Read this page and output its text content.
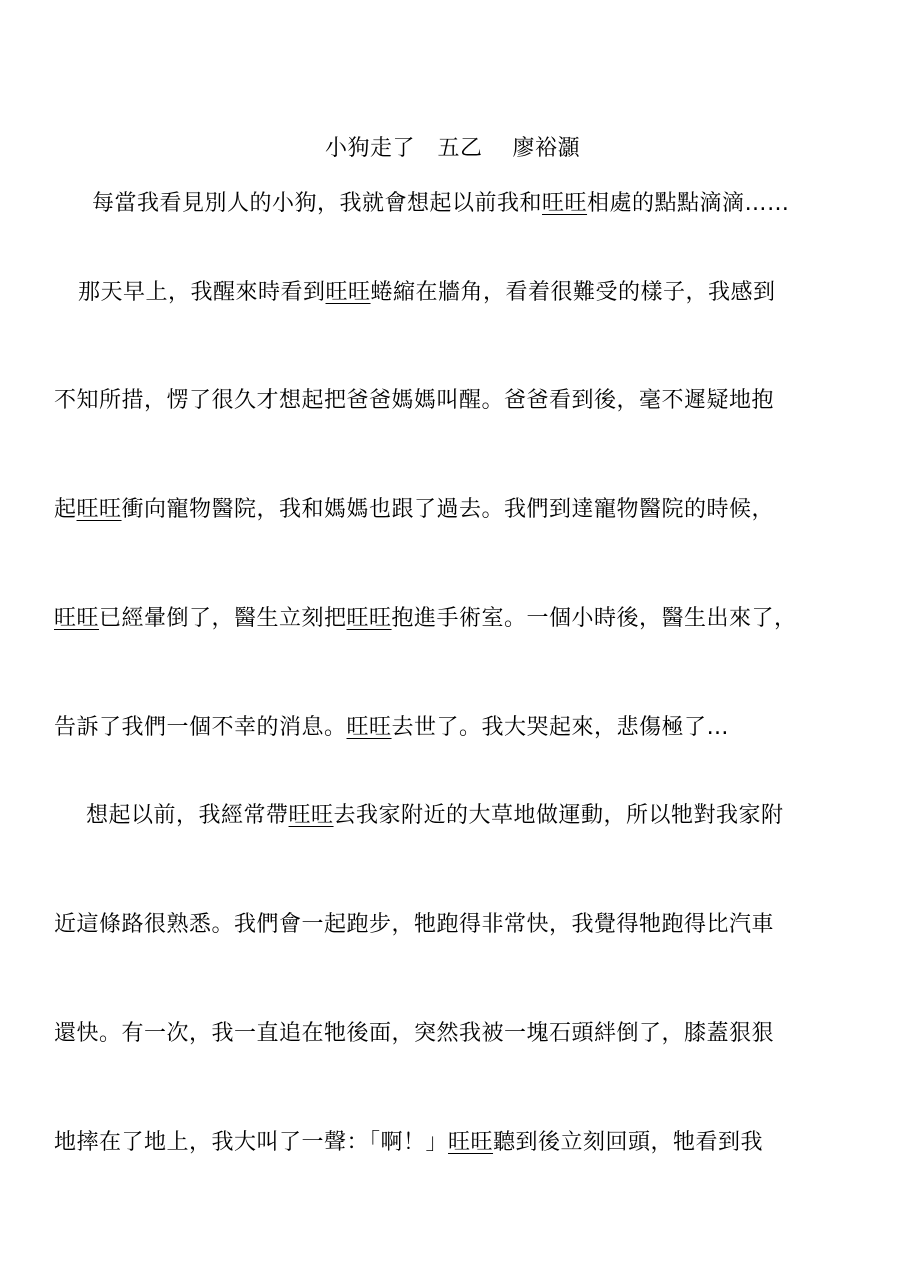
小狗走了　五乙　 廖裕灝
每當我看見別人的小狗，我就會想起以前我和旺旺相處的點點滴滴……
那天早上，我醒來時看到旺旺蜷縮在牆角，看着很難受的樣子，我感到
不知所措，愣了很久才想起把爸爸媽媽叫醒。爸爸看到後，毫不遲疑地抱
起旺旺衝向寵物醫院，我和媽媽也跟了過去。我們到達寵物醫院的時候，
旺旺已經暈倒了，醫生立刻把旺旺抱進手術室。一個小時後，醫生出來了，
告訴了我們一個不幸的消息。旺旺去世了。我大哭起來，悲傷極了…
想起以前，我經常帶旺旺去我家附近的大草地做運動，所以牠對我家附
近這條路很熟悉。我們會一起跑步，牠跑得非常快，我覺得牠跑得比汽車
還快。有一次，我一直追在牠後面，突然我被一塊石頭絆倒了，膝蓋狠狠
地摔在了地上，我大叫了一聲：「啊！」旺旺聽到後立刻回頭，牠看到我
